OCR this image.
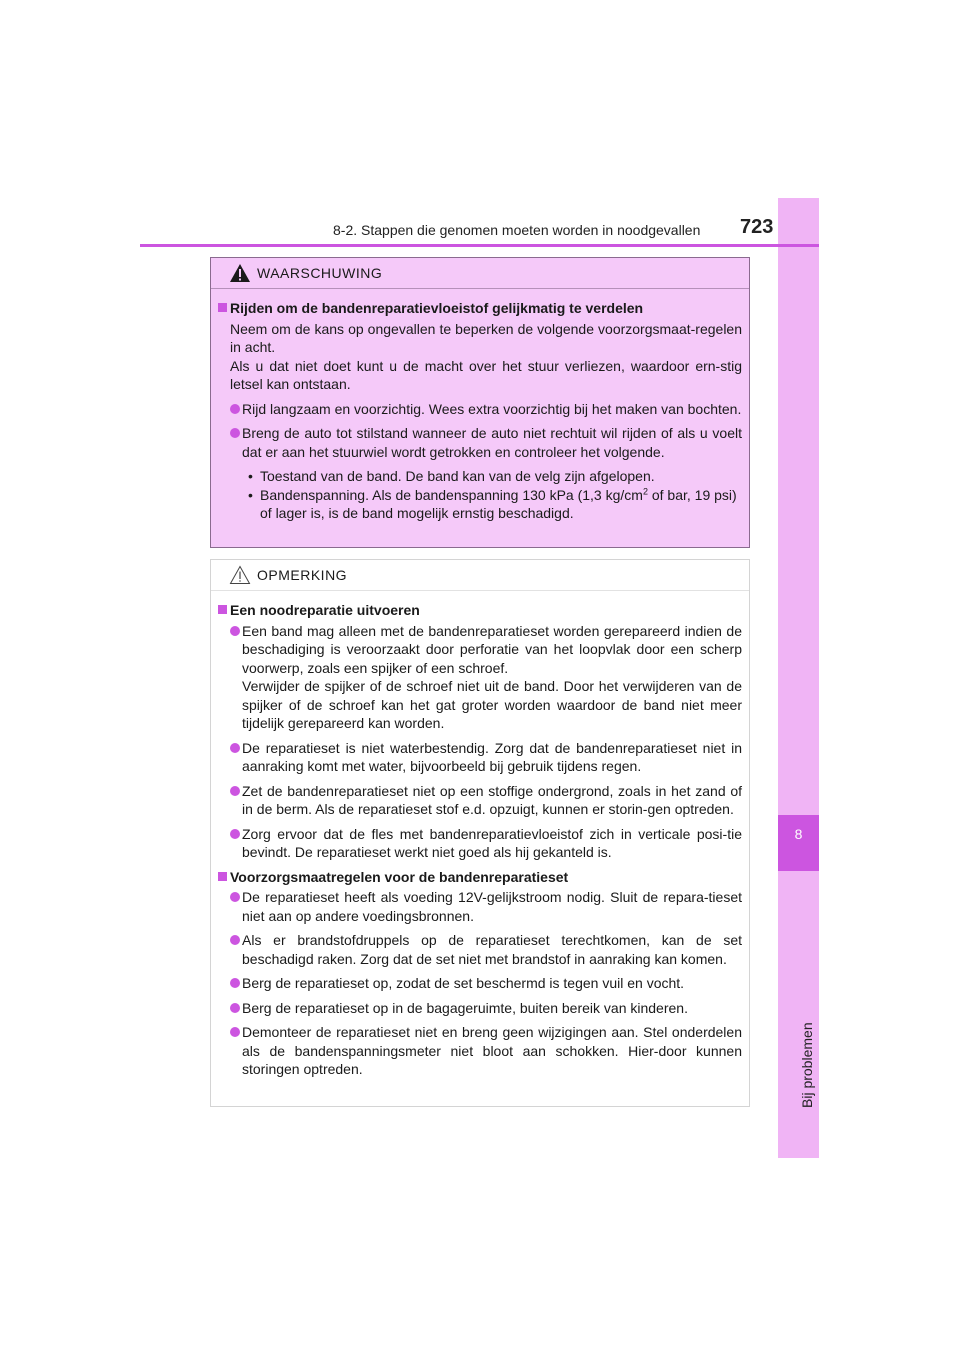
8
Bij problemen
8-2. Stappen die genomen moeten worden in noodgevallen 723
WAARSCHUWING
Rijden om de bandenreparatievloeistof gelijkmatig te verdelen
Neem om de kans op ongevallen te beperken de volgende voorzorgsmaat-regelen in acht.
Als u dat niet doet kunt u de macht over het stuur verliezen, waardoor ern-stig letsel kan ontstaan.
Rijd langzaam en voorzichtig. Wees extra voorzichtig bij het maken van bochten.
Breng de auto tot stilstand wanneer de auto niet rechtuit wil rijden of als u voelt dat er aan het stuurwiel wordt getrokken en controleer het volgende.
• Toestand van de band. De band kan van de velg zijn afgelopen.
• Bandenspanning. Als de bandenspanning 130 kPa (1,3 $kg/cm^2$ of bar, 19 psi) of lager is, is de band mogelijk ernstig beschadigd.
OPMERKING
Een noodreparatie uitvoeren
Een band mag alleen met de bandenreparatieset worden gerepareerd indien de beschadiging is veroorzaakt door perforatie van het loopvlak door een scherp voorwerp, zoals een spijker of een schroef.
Verwijder de spijker of de schroef niet uit de band. Door het verwijderen van de spijker of de schroef kan het gat groter worden waardoor de band niet meer tijdelijk gerepareerd kan worden.
De reparatieset is niet waterbestendig. Zorg dat de bandenreparatieset niet in aanraking komt met water, bijvoorbeeld bij gebruik tijdens regen.
Zet de bandenreparatieset niet op een stoffige ondergrond, zoals in het zand of in de berm. Als de reparatieset stof e.d. opzuigt, kunnen er storin-gen optreden.
Zorg ervoor dat de fles met bandenreparatievloeistof zich in verticale posi-tie bevindt. De reparatieset werkt niet goed als hij gekanteld is.
Voorzorgsmaatregelen voor de bandenreparatieset
De reparatieset heeft als voeding 12V-gelijkstroom nodig. Sluit de repara-tieset niet aan op andere voedingsbronnen.
Als er brandstofdruppels op de reparatieset terechtkomen, kan de set beschadigd raken. Zorg dat de set niet met brandstof in aanraking kan komen.
Berg de reparatieset op, zodat de set beschermd is tegen vuil en vocht.
Berg de reparatieset op in de bagageruimte, buiten bereik van kinderen.
Demonteer de reparatieset niet en breng geen wijzigingen aan. Stel onderdelen als de bandenspanningsmeter niet bloot aan schokken. Hier-door kunnen storingen optreden.
